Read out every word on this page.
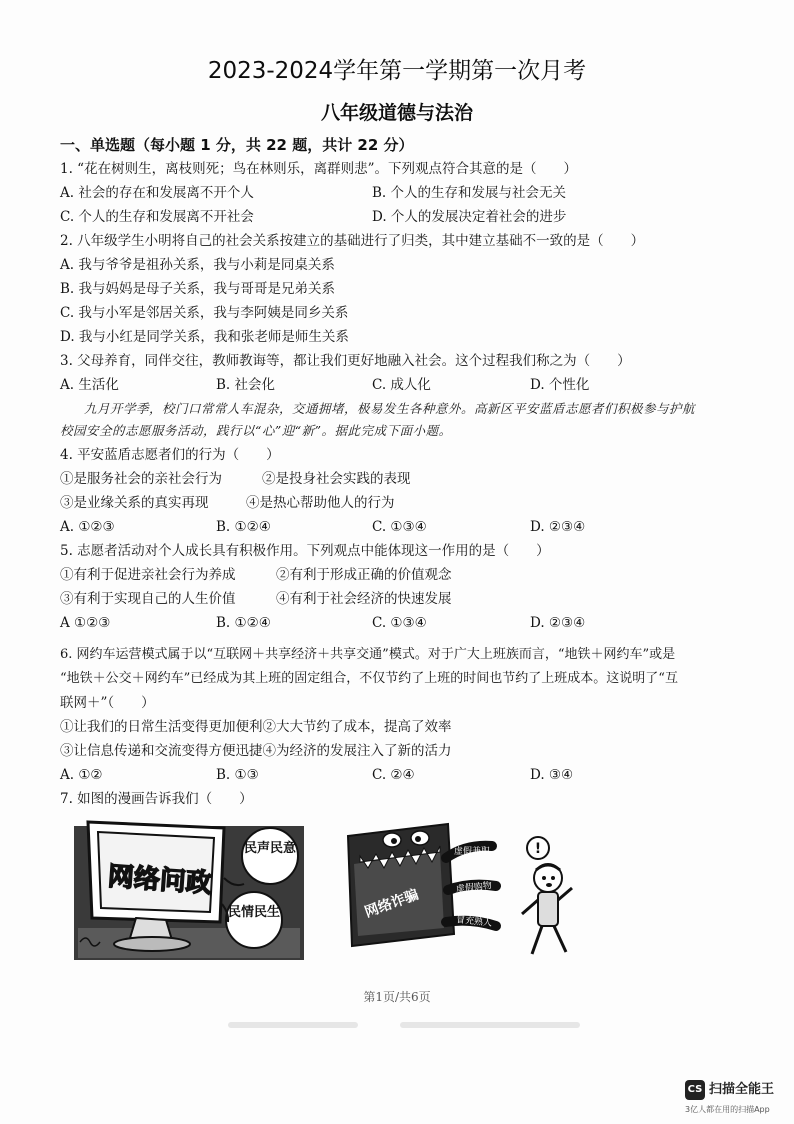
2023-2024学年第一学期第一次月考
八年级道德与法治
一、单选题（每小题 1 分，共 22 题，共计 22 分）
1. “花在树则生，离枝则死；鸟在林则乐，离群则悲”。下列观点符合其意的是（　　）
A. 社会的存在和发展离不开个人	B. 个人的生存和发展与社会无关
C. 个人的生存和发展离不开社会	D. 个人的发展决定着社会的进步
2. 八年级学生小明将自己的社会关系按建立的基础进行了归类，其中建立基础不一致的是（　　）
A. 我与爷爷是祖孙关系，我与小莉是同桌关系
B. 我与妈妈是母子关系，我与哥哥是兄弟关系
C. 我与小军是邻居关系，我与李阿姨是同乡关系
D. 我与小红是同学关系，我和张老师是师生关系
3. 父母养育，同伴交往，教师教诲等，都让我们更好地融入社会。这个过程我们称之为（　　）
A. 生活化	B. 社会化	C. 成人化	D. 个性化
九月开学季，校门口常常人车混杂，交通拥堵，极易发生各种意外。高新区平安蓝盾志愿者们积极参与护航
校园安全的志愿服务活动，践行以“心”迎“新”。据此完成下面小题。
4. 平安蓝盾志愿者们的行为（　　）
①是服务社会的亲社会行为	②是投身社会实践的表现
③是业缘关系的真实再现	④是热心帮助他人的行为
A. ①②③	B. ①②④	C. ①③④	D. ②③④
5. 志愿者活动对个人成长具有积极作用。下列观点中能体现这一作用的是（　　）
①有利于促进亲社会行为养成	②有利于形成正确的价值观念
③有利于实现自己的人生价值	④有利于社会经济的快速发展
A ①②③	B. ①②④	C. ①③④	D. ②③④
6. 网约车运营模式属于以“互联网＋共享经济＋共享交通”模式。对于广大上班族而言，“地铁＋网约车”或是
“地铁＋公交＋网约车”已经成为其上班的固定组合，不仅节约了上班的时间也节约了上班成本。这说明了“互
联网＋”（　　）
①让我们的日常生活变得更加便利②大大节约了成本，提高了效率
③让信息传递和交流变得方便迅捷④为经济的发展注入了新的活力
A. ①②	B. ①③	C. ②④	D. ③④
7. 如图的漫画告诉我们（　　）
网络问政
民声民意
民情民生	网络诈骗
虚假兼职
虚假购物
冒充熟人
!
第1页/共6页
CS 扫描全能王
3亿人都在用的扫描App
